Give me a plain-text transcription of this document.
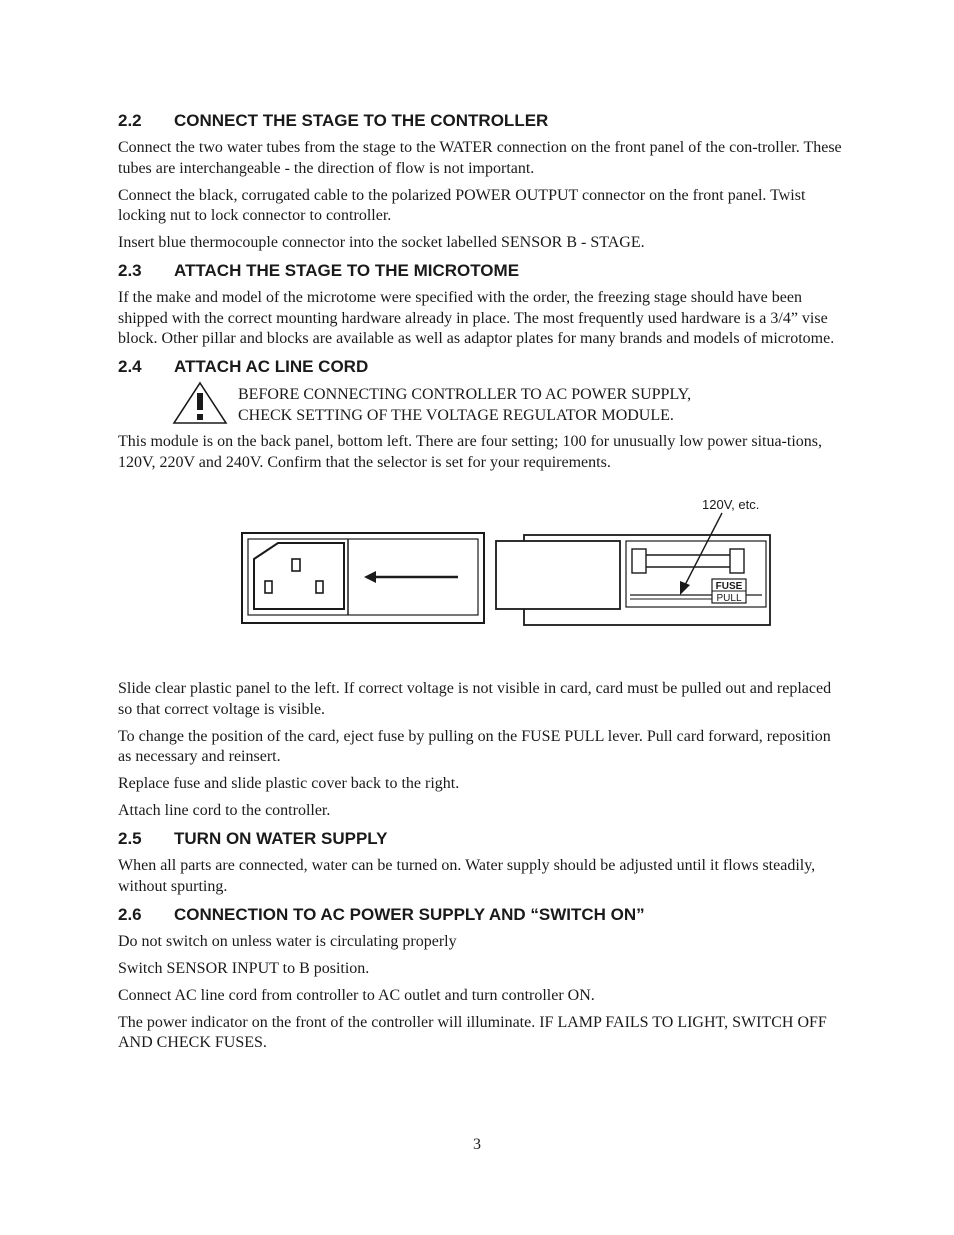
2.2	CONNECT THE STAGE TO THE CONTROLLER

Connect the two water tubes from the stage to the WATER connection on the front panel of the con-troller. These tubes are interchangeable - the direction of flow is not important.

Connect the black, corrugated cable to the polarized POWER OUTPUT connector on the front panel. Twist locking nut to lock connector to controller.

Insert blue thermocouple connector into the socket labelled SENSOR B - STAGE.

2.3	ATTACH THE STAGE TO THE MICROTOME

If the make and model of the microtome were specified with the order, the freezing stage should have been shipped with the correct mounting hardware already in place. The most frequently used hardware is a 3/4” vise block. Other pillar and blocks are available as well as adaptor plates for many brands and models of microtome.

2.4	ATTACH AC LINE CORD
BEFORE CONNECTING CONTROLLER TO AC POWER SUPPLY,
CHECK SETTING OF THE VOLTAGE REGULATOR MODULE.

This module is on the back panel, bottom left. There are four setting; 100 for unusually low power situa-tions, 120V, 220V and 240V. Confirm that the selector is set for your requirements.

120V, etc.
FUSE
PULL

Slide clear plastic panel to the left. If correct voltage is not visible in card, card must be pulled out and replaced so that correct voltage is visible.

To change the position of the card, eject fuse by pulling on the FUSE PULL lever. Pull card forward, reposition as necessary and reinsert.

Replace fuse and slide plastic cover back to the right.

Attach line cord to the controller.

2.5	TURN ON WATER SUPPLY

When all parts are connected, water can be turned on. Water supply should be adjusted until it flows steadily, without spurting.

2.6	CONNECTION TO AC POWER SUPPLY AND “SWITCH ON”

Do not switch on unless water is circulating properly

Switch SENSOR INPUT to B position.

Connect AC line cord from controller to AC outlet and turn controller ON.

The power indicator on the front of the controller will illuminate. IF LAMP FAILS TO LIGHT, SWITCH OFF AND CHECK FUSES.

3
